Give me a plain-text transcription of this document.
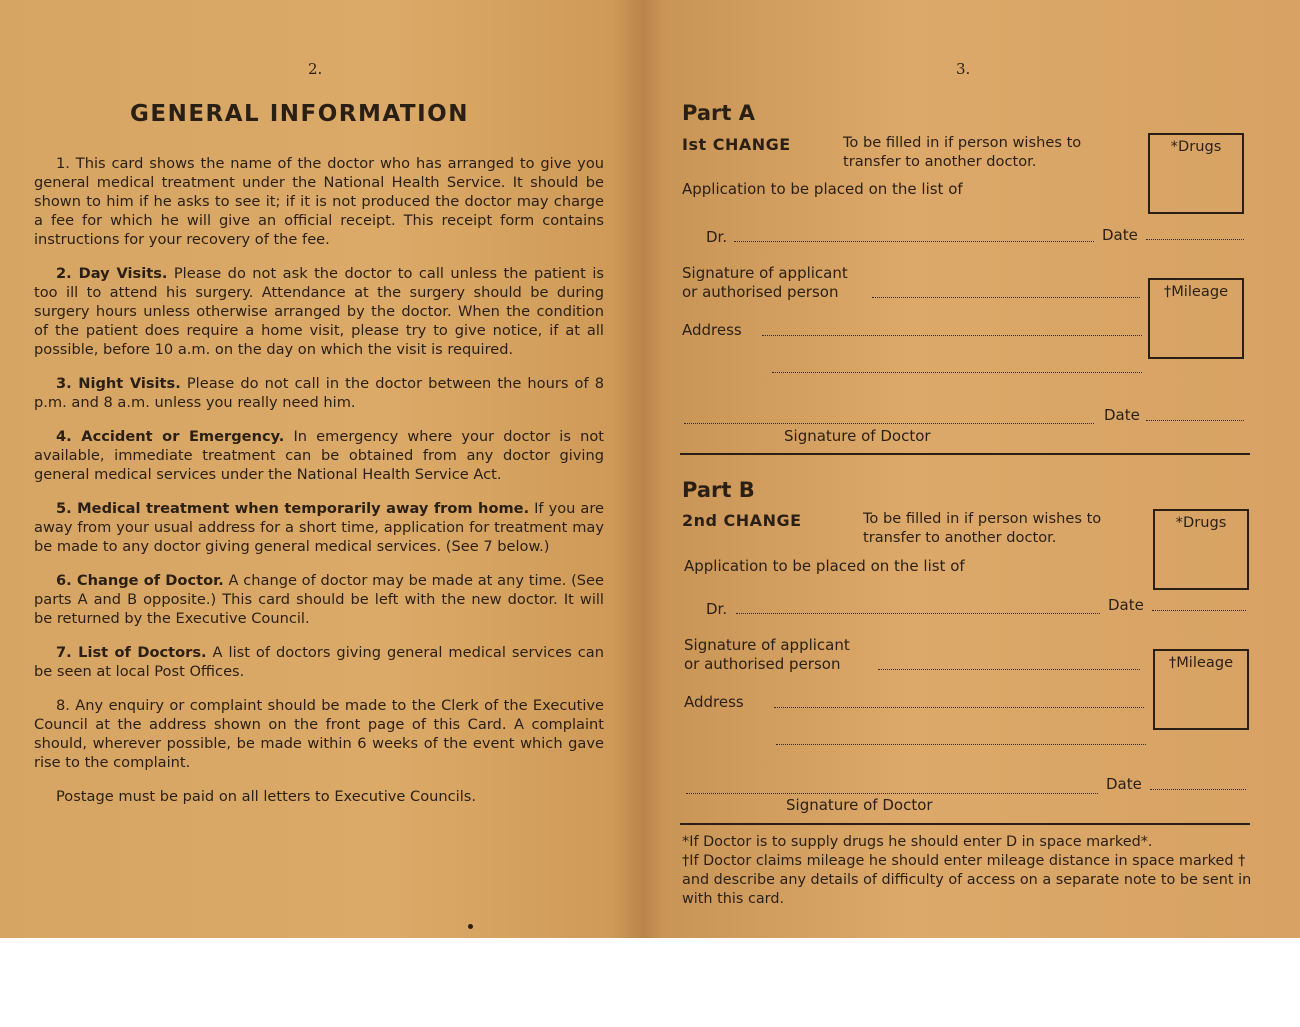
2.
GENERAL INFORMATION

1. This card shows the name of the doctor who has arranged to give you general medical treatment under the National Health Service. It should be shown to him if he asks to see it; if it is not produced the doctor may charge a fee for which he will give an official receipt. This receipt form contains instructions for your recovery of the fee.

2. Day Visits. Please do not ask the doctor to call unless the patient is too ill to attend his surgery. Attendance at the surgery should be during surgery hours unless otherwise arranged by the doctor. When the condition of the patient does require a home visit, please try to give notice, if at all possible, before 10 a.m. on the day on which the visit is required.

3. Night Visits. Please do not call in the doctor between the hours of 8 p.m. and 8 a.m. unless you really need him.

4. Accident or Emergency. In emergency where your doctor is not available, immediate treatment can be obtained from any doctor giving general medical services under the National Health Service Act.

5. Medical treatment when temporarily away from home. If you are away from your usual address for a short time, application for treatment may be made to any doctor giving general medical services. (See 7 below.)

6. Change of Doctor. A change of doctor may be made at any time. (See parts A and B opposite.) This card should be left with the new doctor. It will be returned by the Executive Council.

7. List of Doctors. A list of doctors giving general medical services can be seen at local Post Offices.

8. Any enquiry or complaint should be made to the Clerk of the Executive Council at the address shown on the front page of this Card. A complaint should, wherever possible, be made within 6 weeks of the event which gave rise to the complaint.

Postage must be paid on all letters to Executive Councils.

3.
Part A
Ist CHANGE	To be filled in if person wishes to transfer to another doctor.
*Drugs
Application to be placed on the list of
Dr.	Date
Signature of applicant
or authorised person	†Mileage
Address
Date
Signature of Doctor
Part B
2nd CHANGE	To be filled in if person wishes to transfer to another doctor.
*Drugs
Application to be placed on the list of
Dr.	Date
Signature of applicant
or authorised person	†Mileage
Address
Date
Signature of Doctor

*If Doctor is to supply drugs he should enter D in space marked*.

†If Doctor claims mileage he should enter mileage distance in space marked † and describe any details of difficulty of access on a separate note to be sent in with this card.
